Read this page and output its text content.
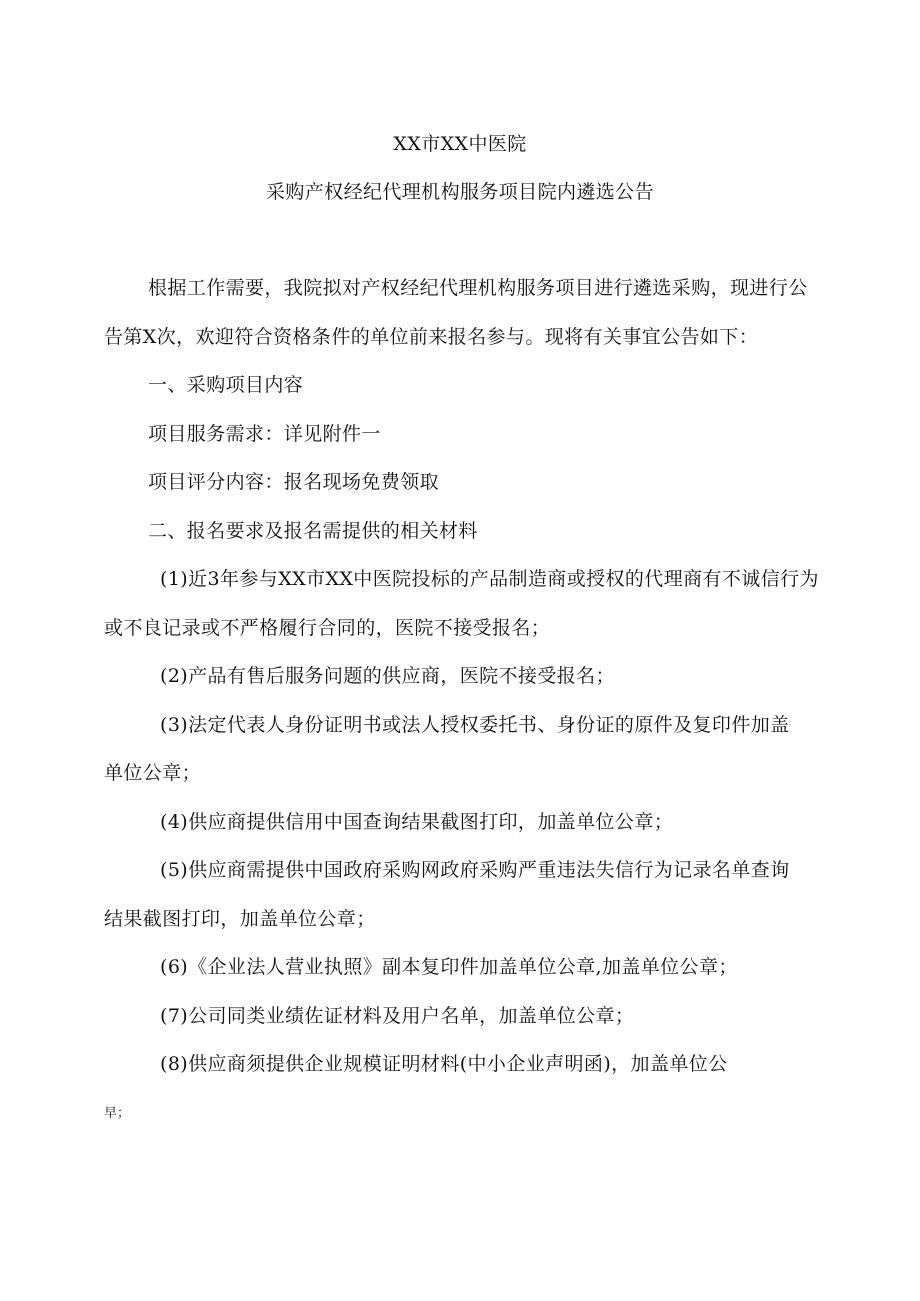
XX市XX中医院
采购产权经纪代理机构服务项目院内遴选公告
根据工作需要，我院拟对产权经纪代理机构服务项目进行遴选采购，现进行公
告第X次，欢迎符合资格条件的单位前来报名参与。现将有关事宜公告如下：
一、采购项目内容
项目服务需求：详见附件一
项目评分内容：报名现场免费领取
二、报名要求及报名需提供的相关材料
(1)近3年参与XX市XX中医院投标的产品制造商或授权的代理商有不诚信行为
或不良记录或不严格履行合同的，医院不接受报名；
(2)产品有售后服务问题的供应商，医院不接受报名；
(3)法定代表人身份证明书或法人授权委托书、身份证的原件及复印件加盖
单位公章；
(4)供应商提供信用中国查询结果截图打印，加盖单位公章；
(5)供应商需提供中国政府采购网政府采购严重违法失信行为记录名单查询
结果截图打印，加盖单位公章；
(6)《企业法人营业执照》副本复印件加盖单位公章,加盖单位公章；
(7)公司同类业绩佐证材料及用户名单，加盖单位公章；
(8)供应商须提供企业规模证明材料(中小企业声明函)，加盖单位公
早；
